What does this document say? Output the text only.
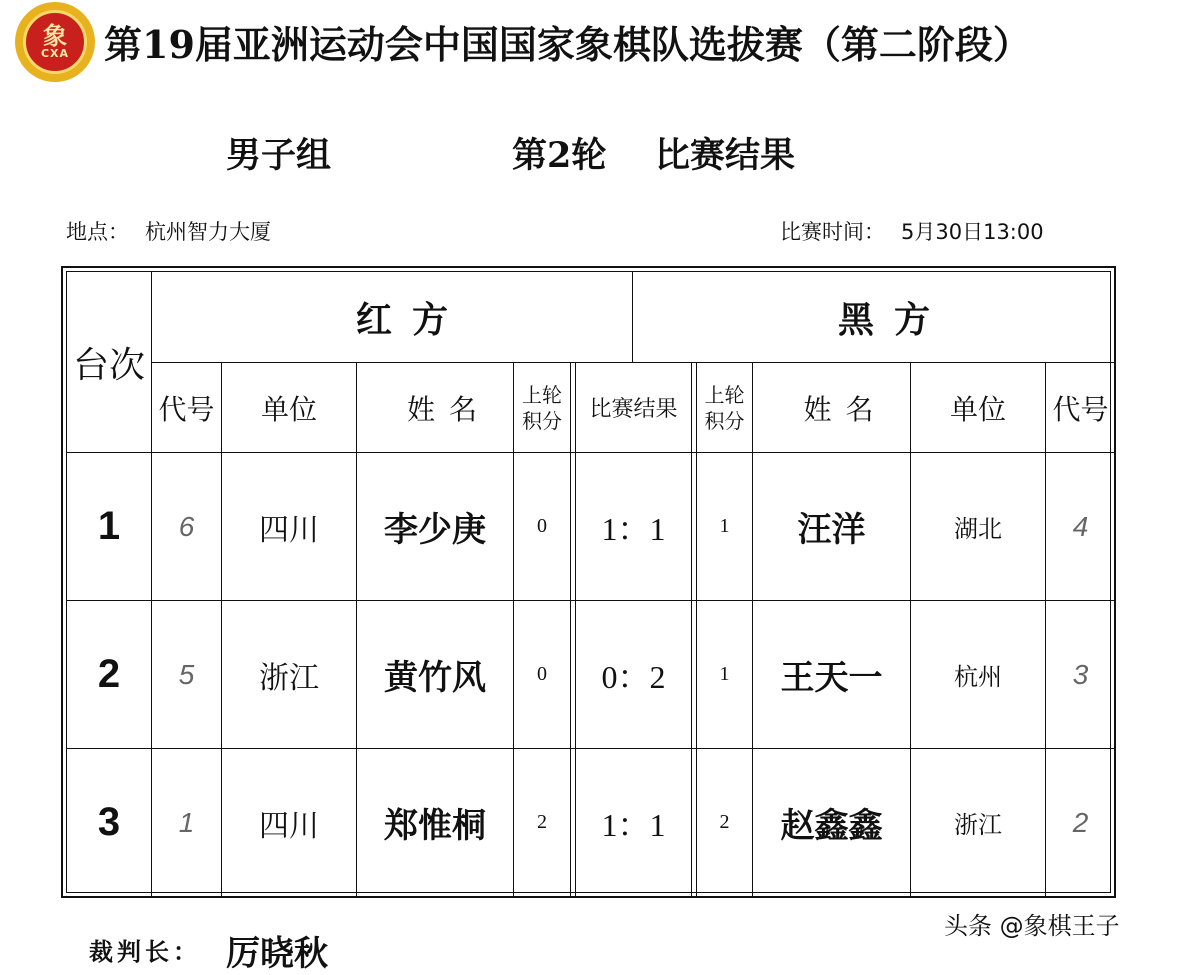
象
CXA 第19届亚洲运动会中国国家象棋队选拔赛（第二阶段）
男子组	第2轮 比赛结果
地点： 杭州智力大厦	比赛时间： 5月30日13:00
台次
红方	黑方
代号	单位	姓名	上轮积分	比赛结果
上轮积分	姓名	单位	代号
1	6	四川	李少庚	0	1：1	1	汪洋	湖北	4
2	5	浙江	黄竹风	0	0：2	1	王天一	杭州	3
3	1	四川	郑惟桐	2	1：1	2	赵鑫鑫	浙江	2
裁判长： 厉晓秋
头条 @象棋王子
